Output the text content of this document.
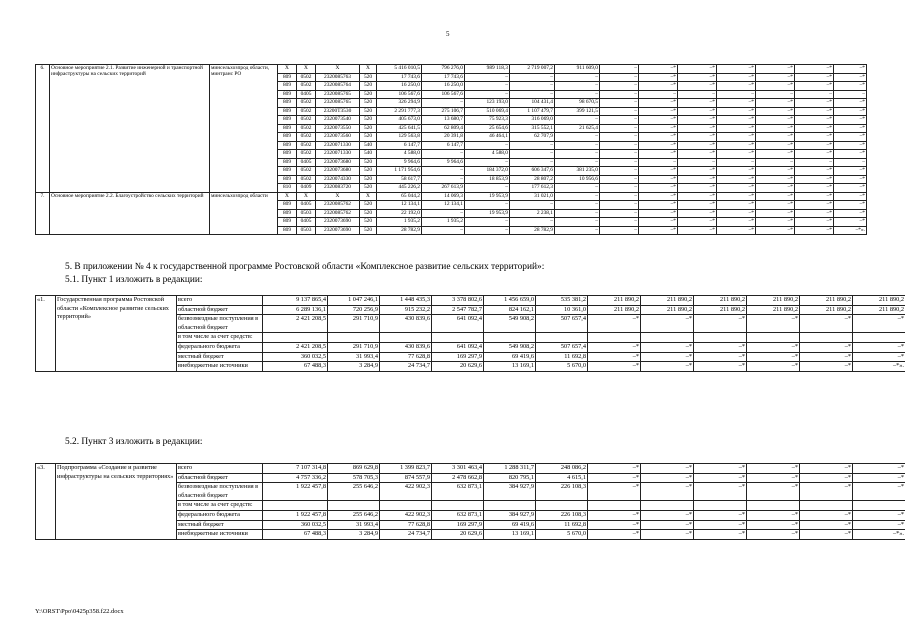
5
6.	Основное мероприятие 2.1. Развитие инженерной и транспортной инфраструктуры на сельских территорий	минсельхозпрод области, минтранс РО	X	X	X	X	5 416 010,5	796 276,0	989 118,3	2 719 007,2	911 609,0	–	–*	–*	–*	–*	–*	–*
			809	0502	2320085763	520	17 743,6	17 743,6	–	–	–	–	–*	–*	–*	–*	–*	–*
			809	0502	2320085764	520	16 250,0	16 250,0	–	–	–	–	–*	–*	–*	–*	–*	–*
			809	0405	2320085765	520	106 567,6	106 567,6	–	–	–	–	–	–	–	–	–	–
			809	0502	2320085765	520	326 294,9	–	123 193,0	104 431,4	98 670,5	–	–*	–*	–*	–*	–*	–*
			809	0502	23200Т3530	520	2 291 777,3	275 106,7	510 069,4	1 107 479,7	399 121,5	–	–*	–*	–*	–*	–*	–*
			809	0502	2320073540	520	405 673,0	13 680,7	75 923,3	316 069,0	–	–	–*	–*	–*	–*	–*	–*
			809	0502	2320073550	520	425 641,5	62 809,4	25 654,6	315 552,1	21 625,4	–	–*	–*	–*	–*	–*	–*
			809	0502	2320073560	520	129 563,8	20 391,8	46 464,1	62 707,9	–	–	–*	–*	–*	–*	–*	–*
			809	0502	2320071330	540	6 147,7	6 147,7	–	–	–	–	–*	–*	–*	–*	–*	–*
			809	0502	2320071330	540	4 588,0	–	4 588,0	–	–	–	–*	–*	–*	–*	–*	–*
			809	0405	2320073680	520	9 964,6	9 964,6	–	–	–	–	–	–	–	–	–	–
			809	0502	2320073680	520	1 171 954,6	–	184 372,0	606 347,6	381 235,0	–	–*	–*	–*	–*	–*	–*
			809	0502	2320074330	520	58 617,7	–	18 853,9	28 807,2	10 956,6	–	–*	–*	–*	–*	–*	–*
			810	0409	2320083720	520	445 226,2	267 613,9	–	177 612,3	–	–	–*	–*	–*	–*	–*	–*
7.	Основное мероприятие 2.2. Благоустройство сельских территорий	минсельхозпрод области	X	X	X	X	65 044,2	14 069,3	19 953,9	31 021,0	–	–	–*	–*	–*	–*	–*	–*
			809	0405	2320085762	520	12 134,1	12 134,1	–	–	–	–	–*	–*	–*	–*	–*	–*
			809	0503	2320085762	520	22 192,0	–	19 953,9	2 238,1	–	–	–*	–*	–*	–*	–*	–*
			809	0405	2320073690	520	1 935,2	1 935,2	–	–	–	–	–*	–*	–*	–*	–*	–*
			809	0503	2320073690	520	28 782,9	–	–	28 782,9	–	–	–*	–*	–*	–*	–*	–*».
5. В приложении № 4 к государственной программе Ростовской области «Комплексное развитие сельских территорий»:
5.1. Пункт 1 изложить в редакции:
«1.	Государственная программа Ростовской области «Комплексное развитие сельских территорий»	всего	9 137 865,4	1 047 246,1	1 448 435,3	3 378 802,6	1 456 659,0	535 381,2	211 890,2	211 890,2	211 890,2	211 890,2	211 890,2	211 890,2
		областной бюджет	6 289 136,1	720 256,9	915 232,2	2 547 782,7	824 162,1	10 361,0	211 890,2	211 890,2	211 890,2	211 890,2	211 890,2	211 890,2
		безвозмездные поступления в областной бюджет	2 421 208,5	291 710,9	430 839,6	641 092,4	549 908,2	507 657,4	–*	–*	–*	–*	–*	–*
		в том числе за счет средств:												
		федерального бюджета	2 421 208,5	291 710,9	430 839,6	641 092,4	549 908,2	507 657,4	–*	–*	–*	–*	–*	–*
		местный бюджет	360 032,5	31 993,4	77 628,8	169 297,9	69 419,6	11 692,8	–*	–*	–*	–*	–*	–*
		внебюджетные источники	67 488,3	3 284,9	24 734,7	20 629,6	13 169,1	5 670,0	–*	–*	–*	–*	–*	–*».
5.2. Пункт 3 изложить в редакции:
«3.	Подпрограмма «Создание и развитие инфраструктуры на сельских территориях»	всего	7 107 314,8	869 629,8	1 399 823,7	3 301 463,4	1 288 311,7	248 086,2	–*	–*	–*	–*	–*	–*
		областной бюджет	4 757 336,2	578 705,3	874 557,9	2 478 662,8	820 795,1	4 615,1	–*	–*	–*	–*	–*	–*
		безвозмездные поступления в областной бюджет	1 922 457,8	255 646,2	422 902,3	632 873,1	384 927,9	226 108,3	–*	–*	–*	–*	–*	–*
		в том числе за счет средств:												
		федерального бюджета	1 922 457,8	255 646,2	422 902,3	632 873,1	384 927,9	226 108,3	–*	–*	–*	–*	–*	–*
		местный бюджет	360 032,5	31 993,4	77 628,8	169 297,9	69 419,6	11 692,8	–*	–*	–*	–*	–*	–*
		внебюджетные источники	67 488,3	3 284,9	24 734,7	20 629,6	13 169,1	5 670,0	–*	–*	–*	–*	–*	–*».
Y:\ORST\Ppo\0425p358.f22.docx
